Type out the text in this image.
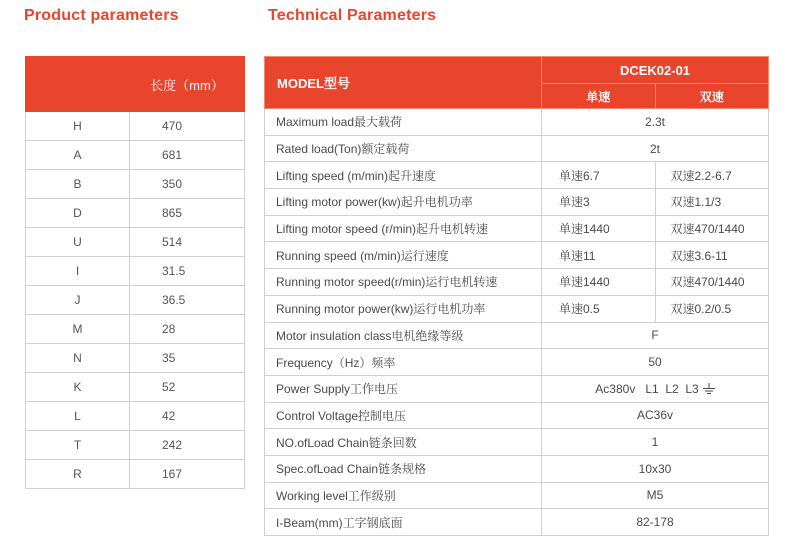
Product parameters	Technical Parameters
	长度（mm）
H	470
A	681
B	350
D	865
U	514
I	31.5
J	36.5
M	28
N	35
K	52
L	42
T	242
R	167
MODEL型号	DCEK02-01	
	单速	双速
Maximum load最大载荷	2.3t	
Rated load(Ton)额定载荷	2t	
Lifting speed (m/min)起升速度	单速6.7	双速2.2-6.7
Lifting motor power(kw)起升电机功率	单速3	双速1.1/3
Lifting motor speed (r/min)起升电机转速	单速1440	双速470/1440
Running speed (m/min)运行速度	单速11	双速3.6-11
Running motor speed(r/min)运行电机转速	单速1440	双速470/1440
Running motor power(kw)运行电机功率	单速0.5	双速0.2/0.5
Motor insulation class电机绝缘等级	F	
Frequency（Hz）频率	50	
Power Supply工作电压	Ac380v   L1  L2  L3	
Control Voltage控制电压	AC36v	
NO.ofLoad Chain链条回数	1	
Spec.ofLoad Chain链条规格	10x30	
Working level工作级别	M5	
I-Beam(mm)工字钢底面	82-178	
